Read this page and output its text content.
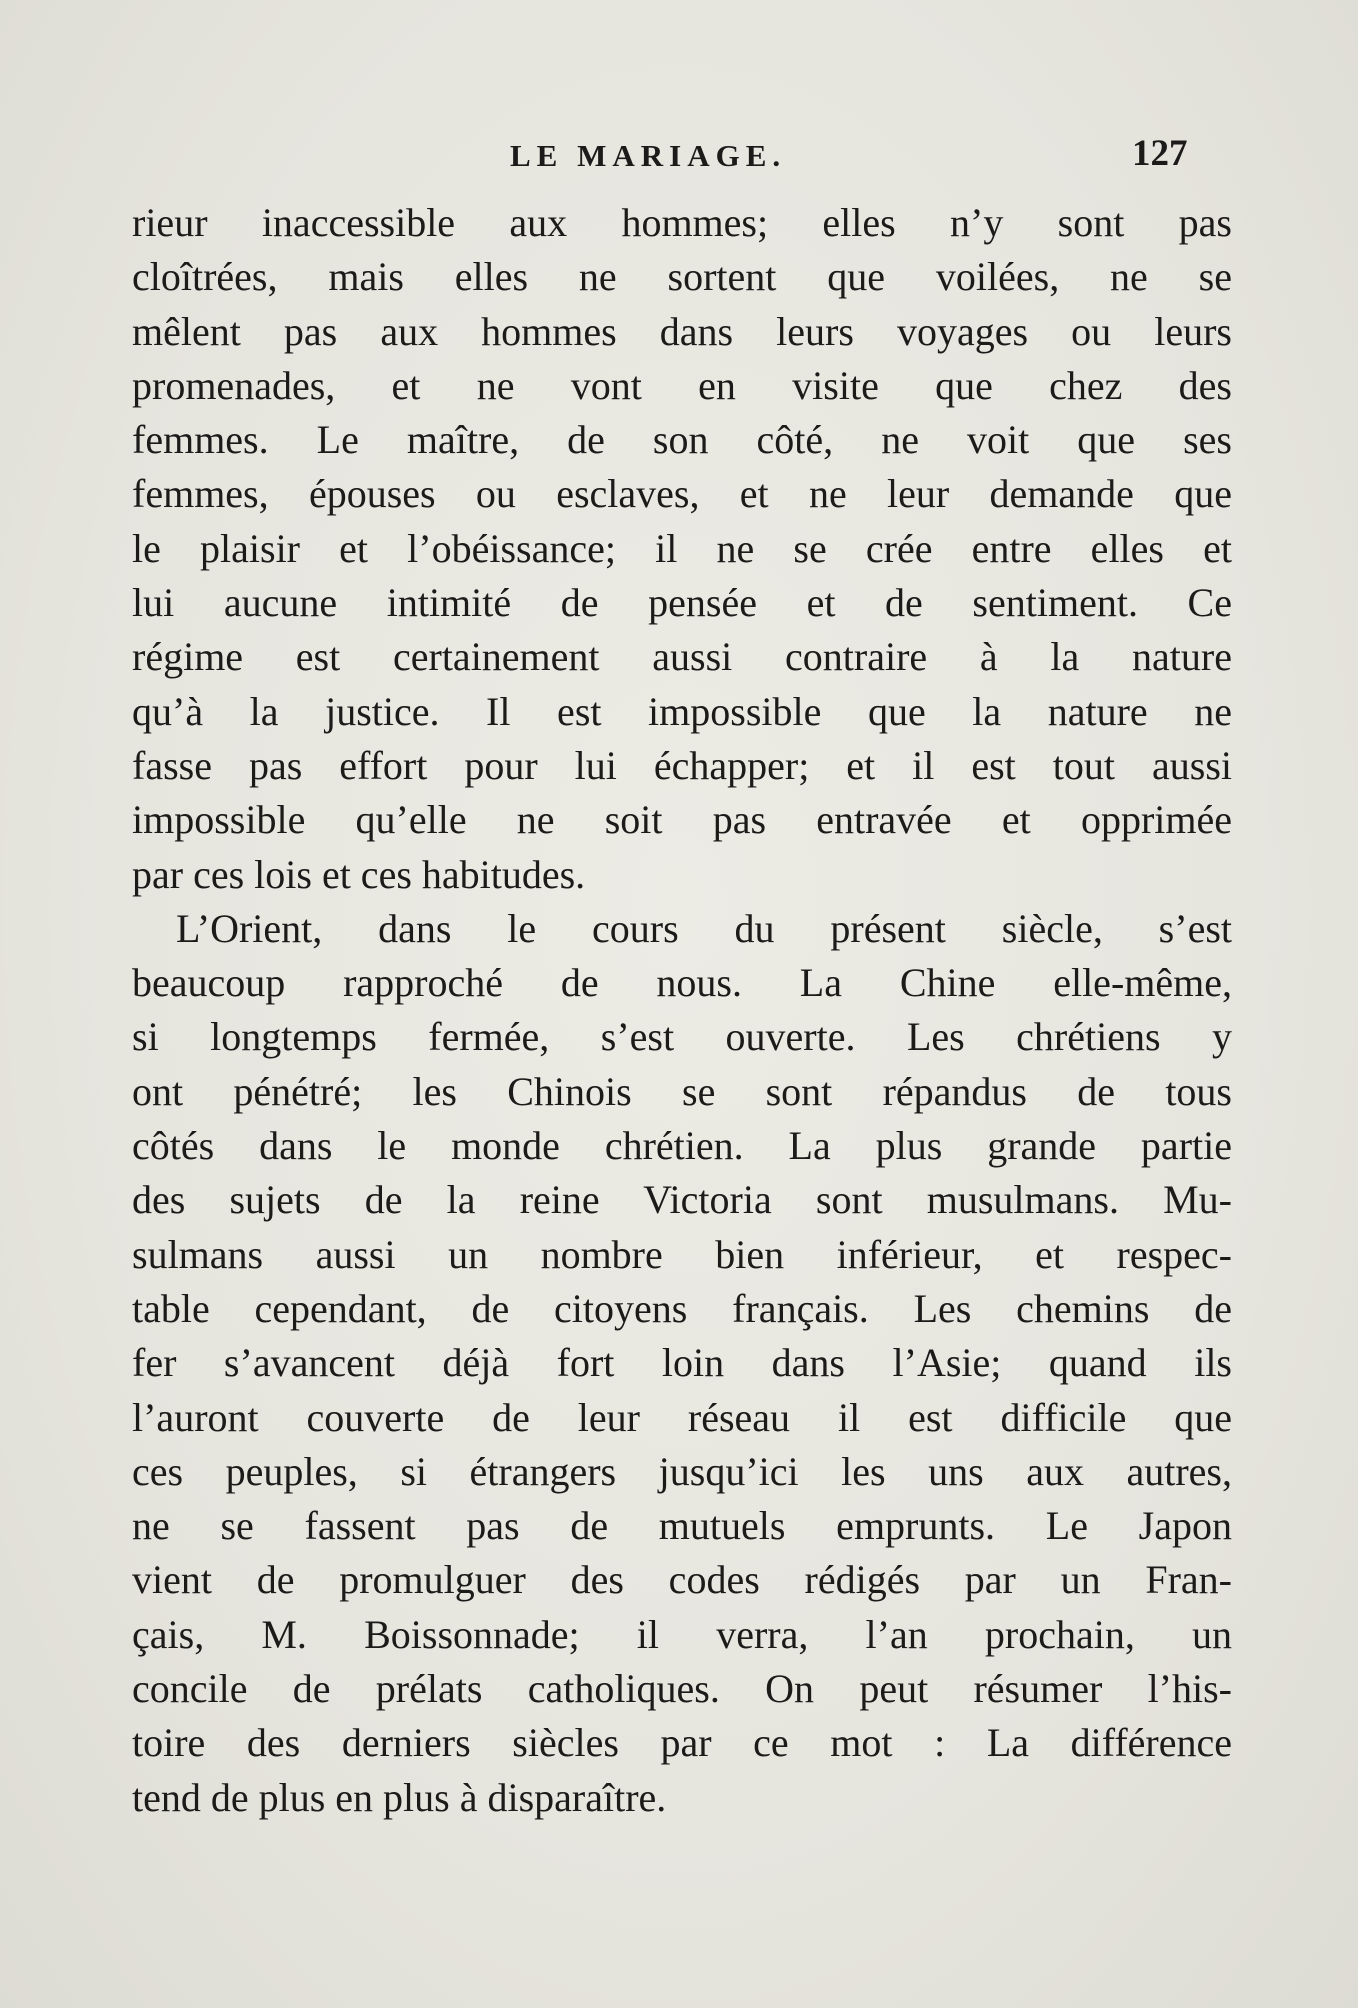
LE MARIAGE.	127
rieur inaccessible aux hommes; elles n’y sont pas
cloîtrées, mais elles ne sortent que voilées, ne se
mêlent pas aux hommes dans leurs voyages ou leurs
promenades, et ne vont en visite que chez des
femmes. Le maître, de son côté, ne voit que ses
femmes, épouses ou esclaves, et ne leur demande que
le plaisir et l’obéissance; il ne se crée entre elles et
lui aucune intimité de pensée et de sentiment. Ce
régime est certainement aussi contraire à la nature
qu’à la justice. Il est impossible que la nature ne
fasse pas effort pour lui échapper; et il est tout aussi
impossible qu’elle ne soit pas entravée et opprimée
par ces lois et ces habitudes.
L’Orient, dans le cours du présent siècle, s’est
beaucoup rapproché de nous. La Chine elle-même,
si longtemps fermée, s’est ouverte. Les chrétiens y
ont pénétré; les Chinois se sont répandus de tous
côtés dans le monde chrétien. La plus grande partie
des sujets de la reine Victoria sont musulmans. Mu-
sulmans aussi un nombre bien inférieur, et respec-
table cependant, de citoyens français. Les chemins de
fer s’avancent déjà fort loin dans l’Asie; quand ils
l’auront couverte de leur réseau il est difficile que
ces peuples, si étrangers jusqu’ici les uns aux autres,
ne se fassent pas de mutuels emprunts. Le Japon
vient de promulguer des codes rédigés par un Fran-
çais, M. Boissonnade; il verra, l’an prochain, un
concile de prélats catholiques. On peut résumer l’his-
toire des derniers siècles par ce mot : La différence
tend de plus en plus à disparaître.
